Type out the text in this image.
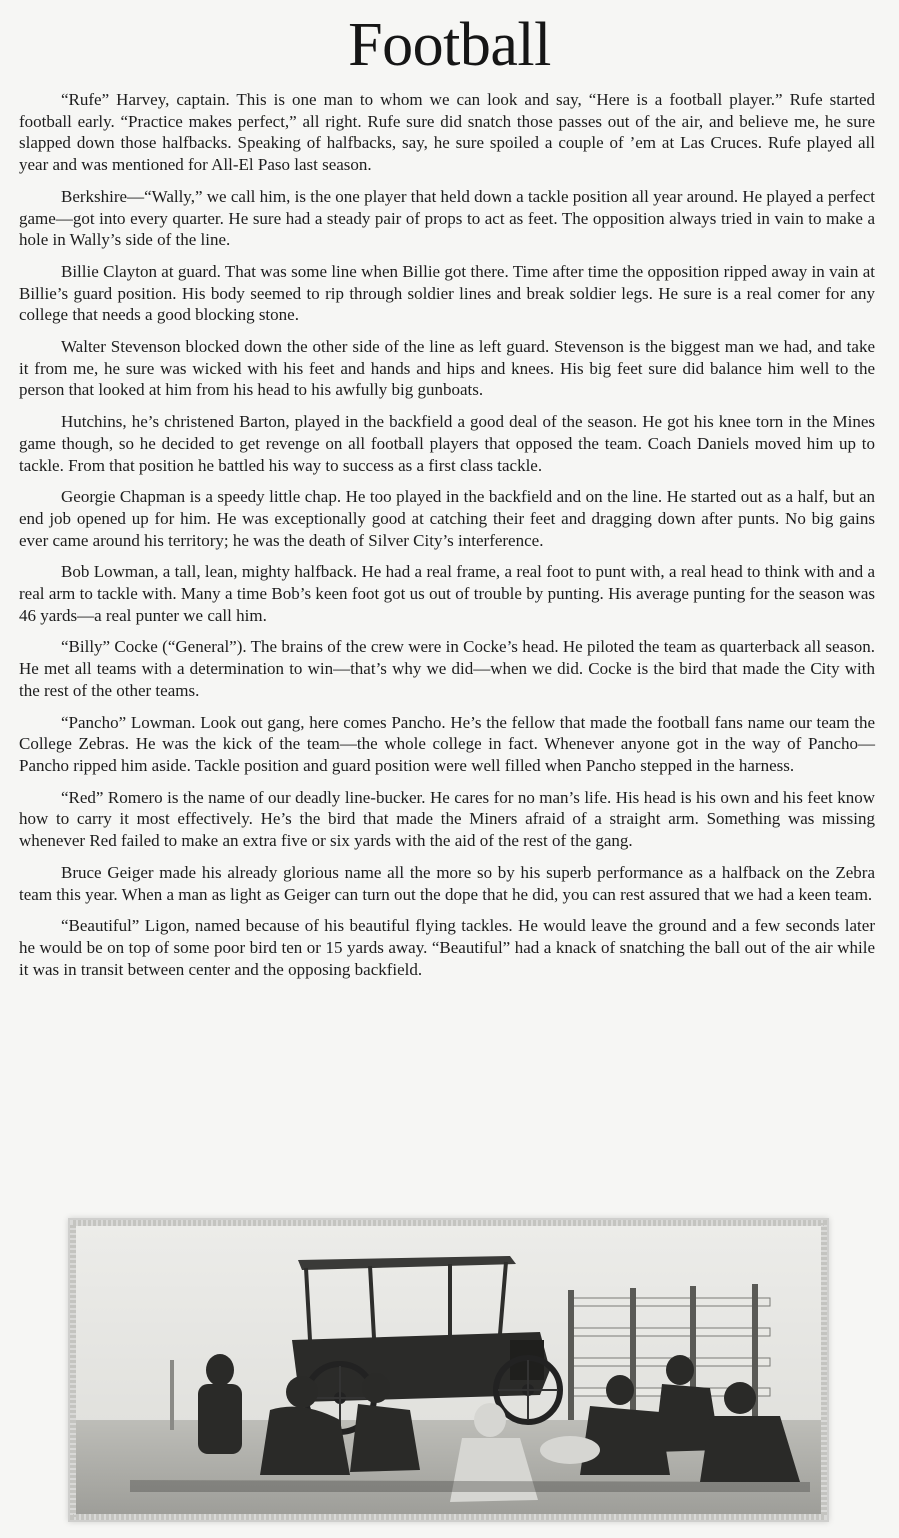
Football

“Rufe” Harvey, captain. This is one man to whom we can look and say, “Here is a football player.” Rufe started football early. “Practice makes perfect,” all right. Rufe sure did snatch those passes out of the air, and believe me, he sure slapped down those halfbacks. Speaking of halfbacks, say, he sure spoiled a couple of ’em at Las Cruces. Rufe played all year and was mentioned for All-El Paso last season.

Berkshire—“Wally,” we call him, is the one player that held down a tackle position all year around. He played a perfect game—got into every quarter. He sure had a steady pair of props to act as feet. The opposition always tried in vain to make a hole in Wally’s side of the line.

Billie Clayton at guard. That was some line when Billie got there. Time after time the opposition ripped away in vain at Billie’s guard position. His body seemed to rip through soldier lines and break soldier legs. He sure is a real comer for any college that needs a good blocking stone.

Walter Stevenson blocked down the other side of the line as left guard. Stevenson is the biggest man we had, and take it from me, he sure was wicked with his feet and hands and hips and knees. His big feet sure did balance him well to the person that looked at him from his head to his awfully big gunboats.

Hutchins, he’s christened Barton, played in the backfield a good deal of the season. He got his knee torn in the Mines game though, so he decided to get revenge on all football players that opposed the team. Coach Daniels moved him up to tackle. From that position he battled his way to success as a first class tackle.

Georgie Chapman is a speedy little chap. He too played in the backfield and on the line. He started out as a half, but an end job opened up for him. He was exceptionally good at catching their feet and dragging down after punts. No big gains ever came around his territory; he was the death of Silver City’s interference.

Bob Lowman, a tall, lean, mighty halfback. He had a real frame, a real foot to punt with, a real head to think with and a real arm to tackle with. Many a time Bob’s keen foot got us out of trouble by punting. His average punting for the season was 46 yards—a real punter we call him.

“Billy” Cocke (“General”). The brains of the crew were in Cocke’s head. He piloted the team as quarterback all season. He met all teams with a determination to win—that’s why we did—when we did. Cocke is the bird that made the City with the rest of the other teams.

“Pancho” Lowman. Look out gang, here comes Pancho. He’s the fellow that made the football fans name our team the College Zebras. He was the kick of the team—the whole college in fact. Whenever anyone got in the way of Pancho—Pancho ripped him aside. Tackle position and guard position were well filled when Pancho stepped in the harness.

“Red” Romero is the name of our deadly line-bucker. He cares for no man’s life. His head is his own and his feet know how to carry it most effectively. He’s the bird that made the Miners afraid of a straight arm. Something was missing whenever Red failed to make an extra five or six yards with the aid of the rest of the gang.

Bruce Geiger made his already glorious name all the more so by his superb performance as a halfback on the Zebra team this year. When a man as light as Geiger can turn out the dope that he did, you can rest assured that we had a keen team.

“Beautiful” Ligon, named because of his beautiful flying tackles. He would leave the ground and a few seconds later he would be on top of some poor bird ten or 15 yards away. “Beautiful” had a knack of snatching the ball out of the air while it was in transit between center and the opposing backfield.
